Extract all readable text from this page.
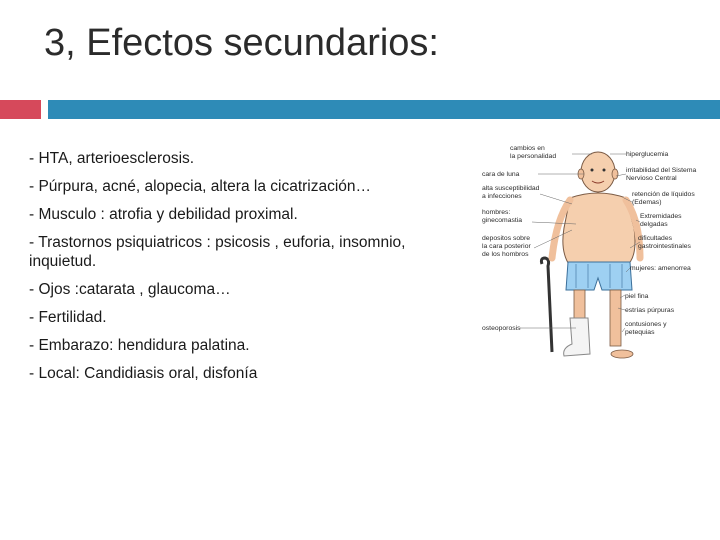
3, Efectos secundarios:
- HTA, arterioesclerosis.
- Púrpura, acné, alopecia, altera la cicatrización…
- Musculo : atrofia y debilidad proximal.
- Trastornos psiquiatricos : psicosis , euforia, insomnio, inquietud.
- Ojos :catarata , glaucoma…
- Fertilidad.
- Embarazo: hendidura palatina.
- Local: Candidiasis oral, disfonía
cambios en la personalidad
cara de luna
alta susceptibilidad a infecciones
hombres: ginecomastia
depositos sobre la cara posterior de los hombros
osteoporosis
hiperglucemia
irritabilidad del Sistema Nervioso Central
retención de líquidos (Edemas)
Extremidades delgadas
dificultades gastrointestinales
mujeres: amenorrea
piel fina
estrías púrpuras
contusiones y petequias
